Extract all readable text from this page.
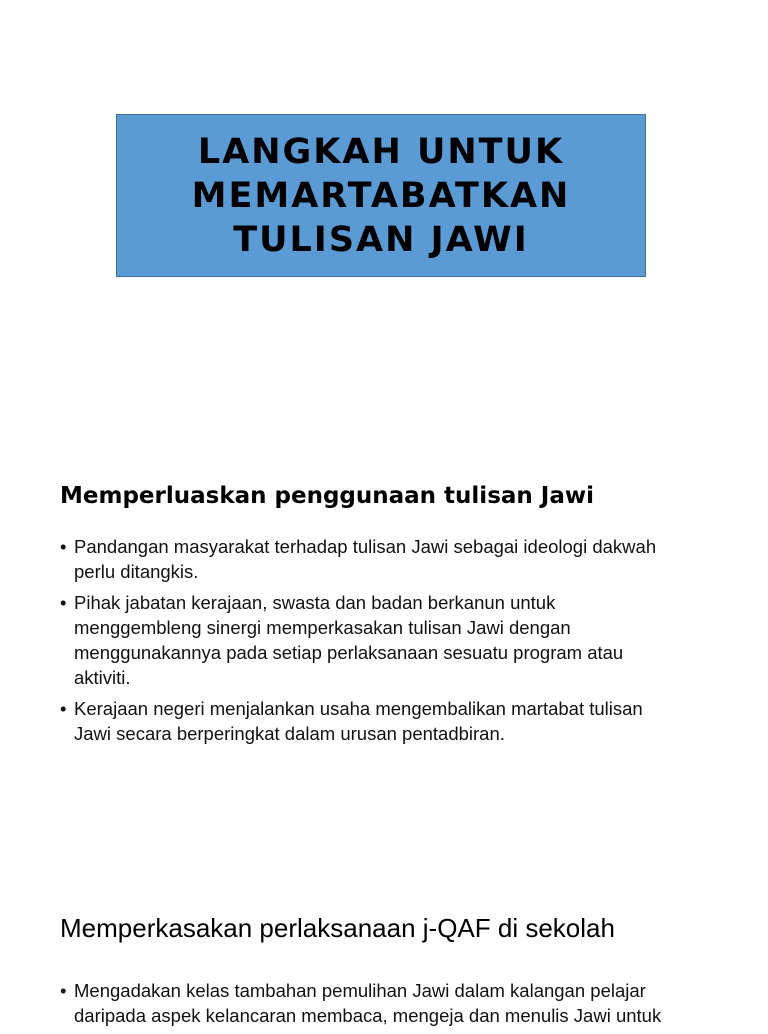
LANGKAH UNTUK
MEMARTABATKAN
TULISAN JAWI
Memperluaskan penggunaan tulisan Jawi
• Pandangan masyarakat terhadap tulisan Jawi sebagai ideologi dakwah
perlu ditangkis.
• Pihak jabatan kerajaan, swasta dan badan berkanun untuk
menggembleng sinergi memperkasakan tulisan Jawi dengan
menggunakannya pada setiap perlaksanaan sesuatu program atau
aktiviti.
• Kerajaan negeri menjalankan usaha mengembalikan martabat tulisan
Jawi secara berperingkat dalam urusan pentadbiran.
Memperkasakan perlaksanaan j-QAF di sekolah
• Mengadakan kelas tambahan pemulihan Jawi dalam kalangan pelajar
daripada aspek kelancaran membaca, mengeja dan menulis Jawi untuk
